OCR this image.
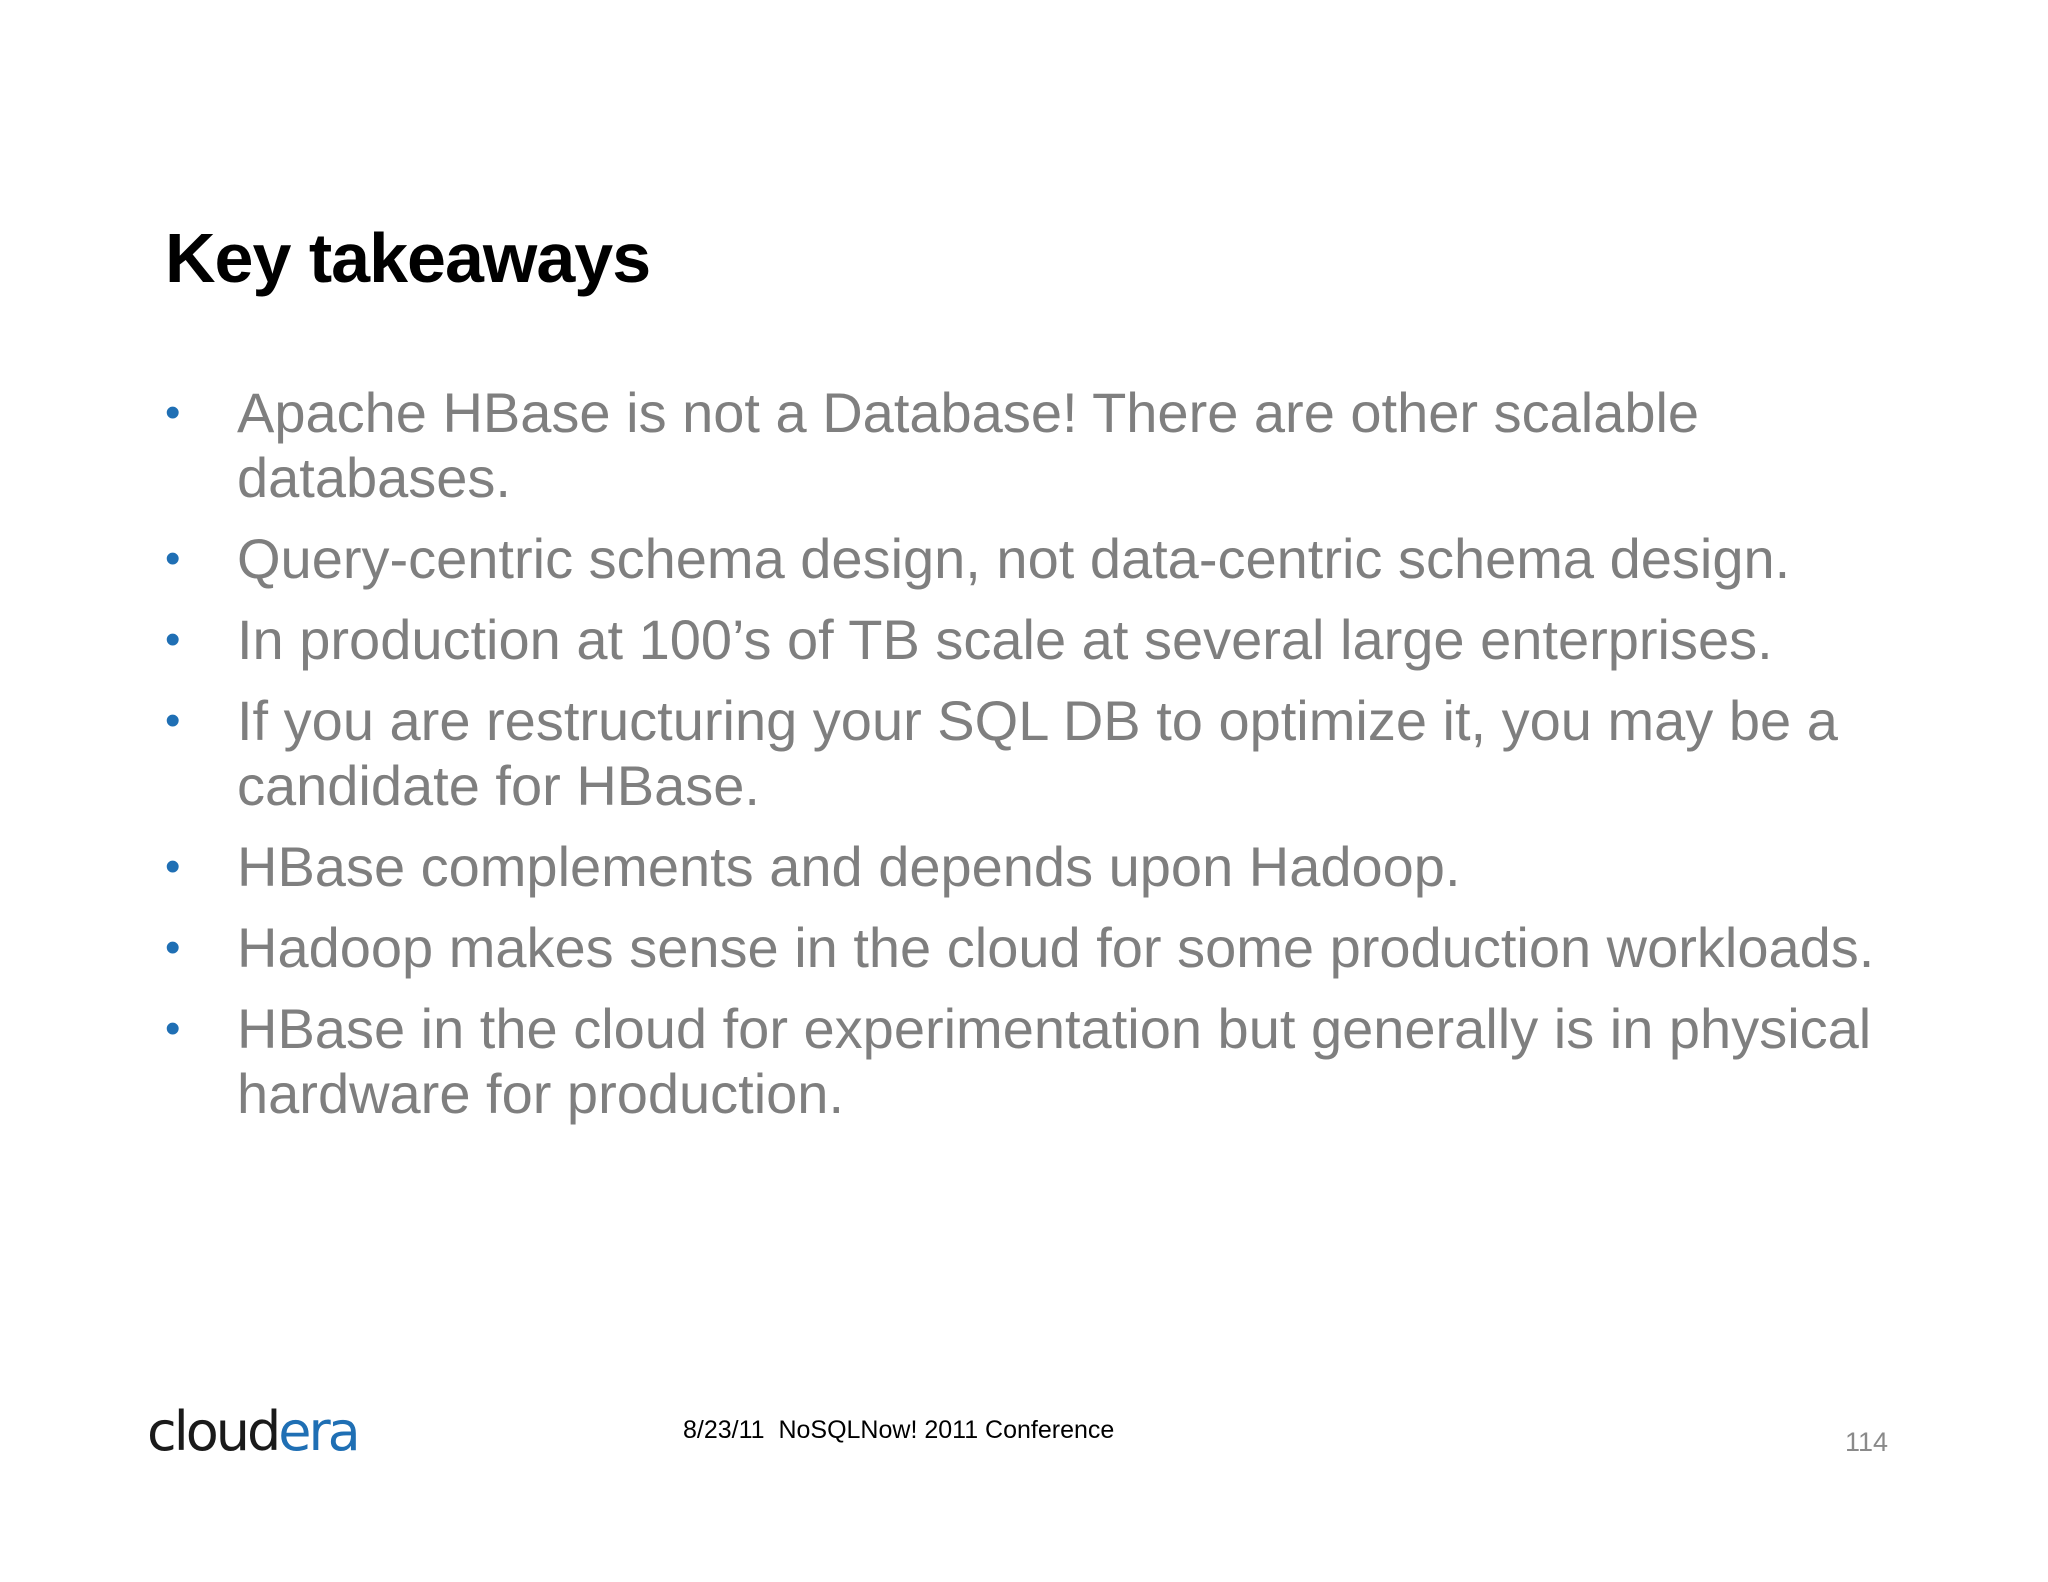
Key takeaways
•	Apache HBase is not a Database! There are other scalable databases.
•	Query-centric schema design, not data-centric schema design.
•	In production at 100’s of TB scale at several large enterprises.
•	If you are restructuring your SQL DB to optimize it, you may be a candidate for HBase.
•	HBase complements and depends upon Hadoop.
•	Hadoop makes sense in the cloud for some production workloads.
•	HBase in the cloud for experimentation but generally is in physical hardware for production.
cloudera	8/23/11  NoSQLNow! 2011 Conference	114
